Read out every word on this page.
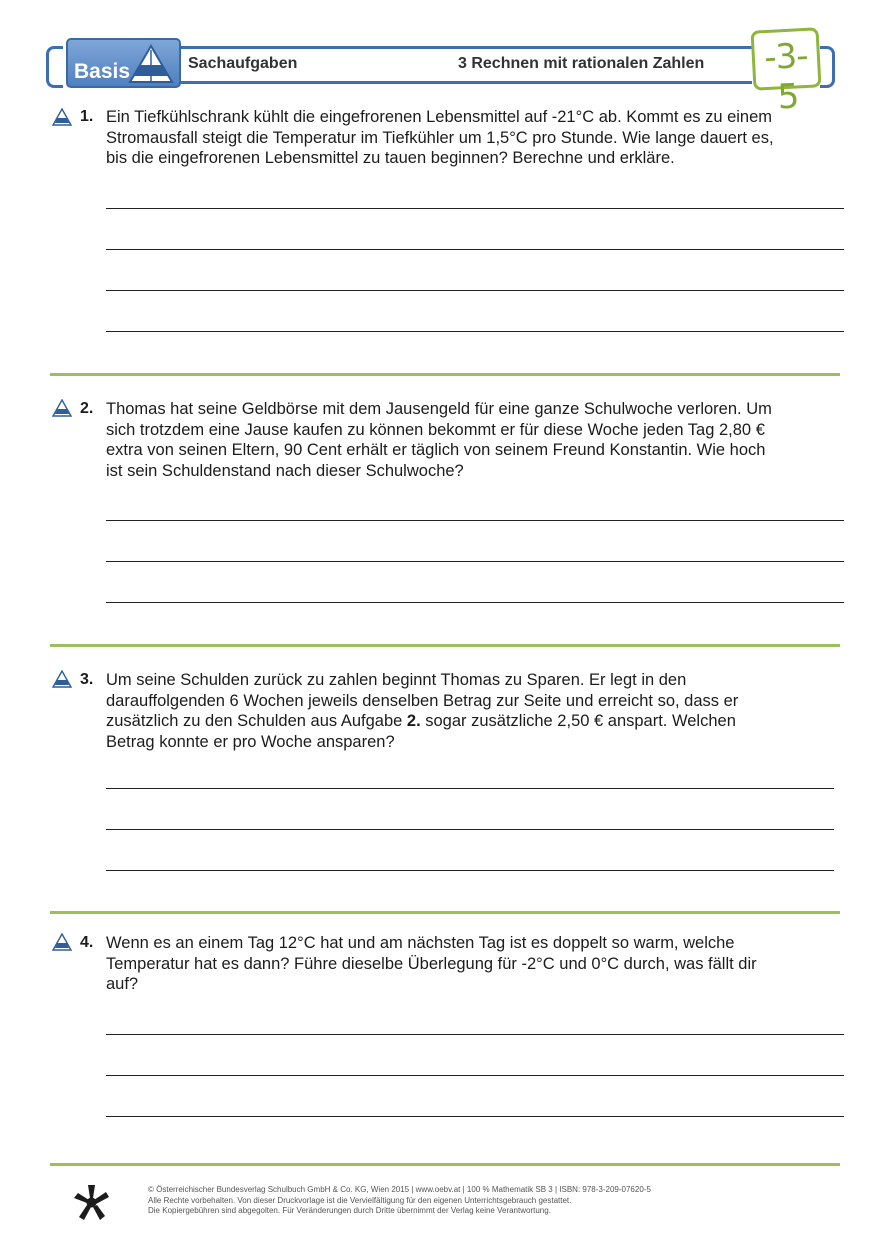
Basis	Sachaufgaben	3 Rechnen mit rationalen Zahlen -3-5
1. Ein Tiefkühlschrank kühlt die eingefrorenen Lebensmittel auf -21°C ab. Kommt es zu einem
Stromausfall steigt die Temperatur im Tiefkühler um 1,5°C pro Stunde. Wie lange dauert es,
bis die eingefrorenen Lebensmittel zu tauen beginnen? Berechne und erkläre.
2. Thomas hat seine Geldbörse mit dem Jausengeld für eine ganze Schulwoche verloren. Um
sich trotzdem eine Jause kaufen zu können bekommt er für diese Woche jeden Tag 2,80 €
extra von seinen Eltern, 90 Cent erhält er täglich von seinem Freund Konstantin. Wie hoch
ist sein Schuldenstand nach dieser Schulwoche?
3. Um seine Schulden zurück zu zahlen beginnt Thomas zu Sparen. Er legt in den
darauffolgenden 6 Wochen jeweils denselben Betrag zur Seite und erreicht so, dass er
zusätzlich zu den Schulden aus Aufgabe 2. sogar zusätzliche 2,50 € anspart. Welchen
Betrag konnte er pro Woche ansparen?
4. Wenn es an einem Tag 12°C hat und am nächsten Tag ist es doppelt so warm, welche
Temperatur hat es dann? Führe dieselbe Überlegung für -2°C und 0°C durch, was fällt dir
auf?
© Österreichischer Bundesverlag Schulbuch GmbH & Co. KG, Wien 2015 | www.oebv.at | 100 % Mathematik SB 3 | ISBN: 978-3-209-07620-5
Alle Rechte vorbehalten. Von dieser Druckvorlage ist die Vervielfältigung für den eigenen Unterrichtsgebrauch gestattet.
Die Kopiergebühren sind abgegolten. Für Veränderungen durch Dritte übernimmt der Verlag keine Verantwortung.
